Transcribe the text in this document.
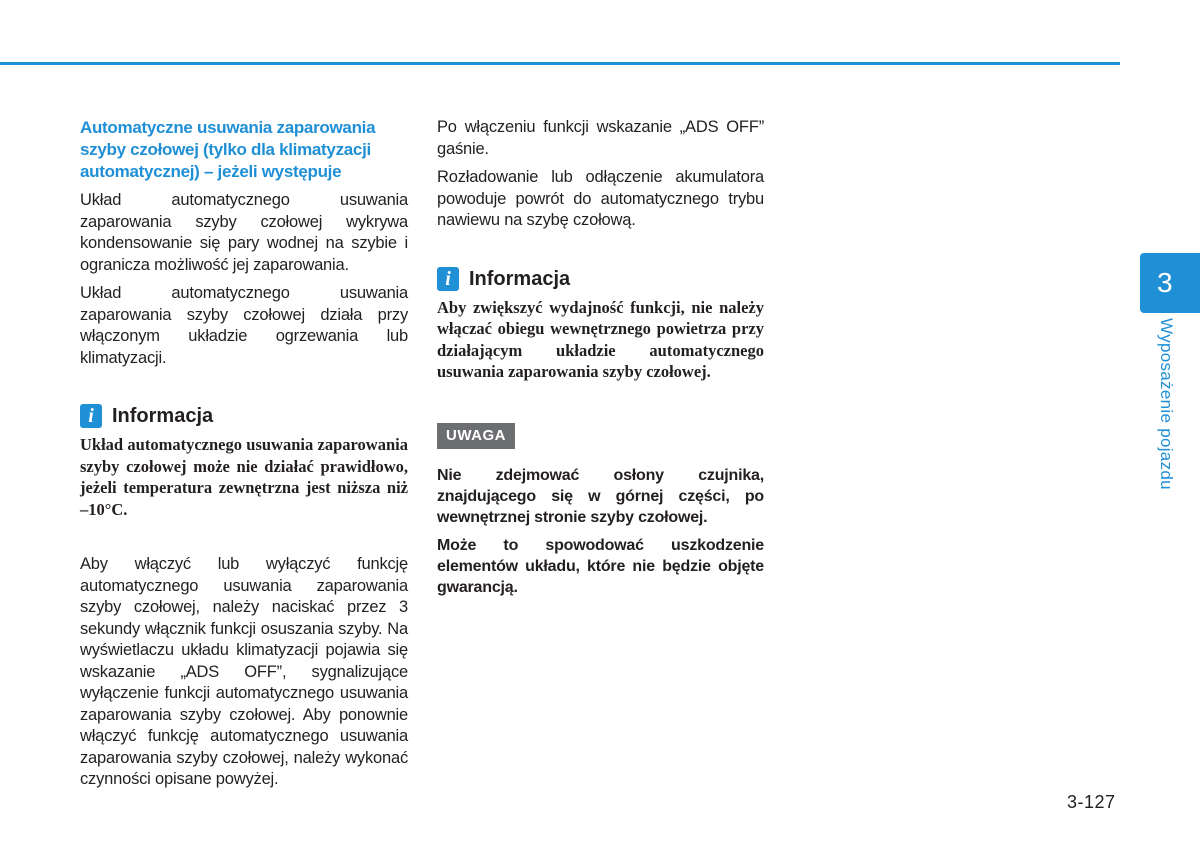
Automatyczne usuwania zaparowania szyby czołowej (tylko dla klimatyzacji automatycznej) – jeżeli występuje
Układ automatycznego usuwania zaparowania szyby czołowej wykrywa kondensowanie się pary wodnej na szybie i ogranicza możliwość jej zaparowania.
Układ automatycznego usuwania zaparowania szyby czołowej działa przy włączonym układzie ogrzewania lub klimatyzacji.
i Informacja
Układ automatycznego usuwania zaparowania szyby czołowej może nie działać prawidłowo, jeżeli temperatura zewnętrzna jest niższa niż –10°C.
Aby włączyć lub wyłączyć funkcję automatycznego usuwania zaparowania szyby czołowej, należy naciskać przez 3 sekundy włącznik funkcji osuszania szyby. Na wyświetlaczu układu klimatyzacji pojawia się wskazanie „ADS OFF”, sygnalizujące wyłączenie funkcji automatycznego usuwania zaparowania szyby czołowej. Aby ponownie włączyć funkcję automatycznego usuwania zaparowania szyby czołowej, należy wykonać czynności opisane powyżej.
Po włączeniu funkcji wskazanie „ADS OFF” gaśnie.
Rozładowanie lub odłączenie akumulatora powoduje powrót do automatycznego trybu nawiewu na szybę czołową.
i Informacja
Aby zwiększyć wydajność funkcji, nie należy włączać obiegu wewnętrznego powietrza przy działającym układzie automatycznego usuwania zaparowania szyby czołowej.
UWAGA
Nie zdejmować osłony czujnika, znajdującego się w górnej części, po wewnętrznej stronie szyby czołowej.
Może to spowodować uszkodzenie elementów układu, które nie będzie objęte gwarancją.
3
Wyposażenie pojazdu
3-127
